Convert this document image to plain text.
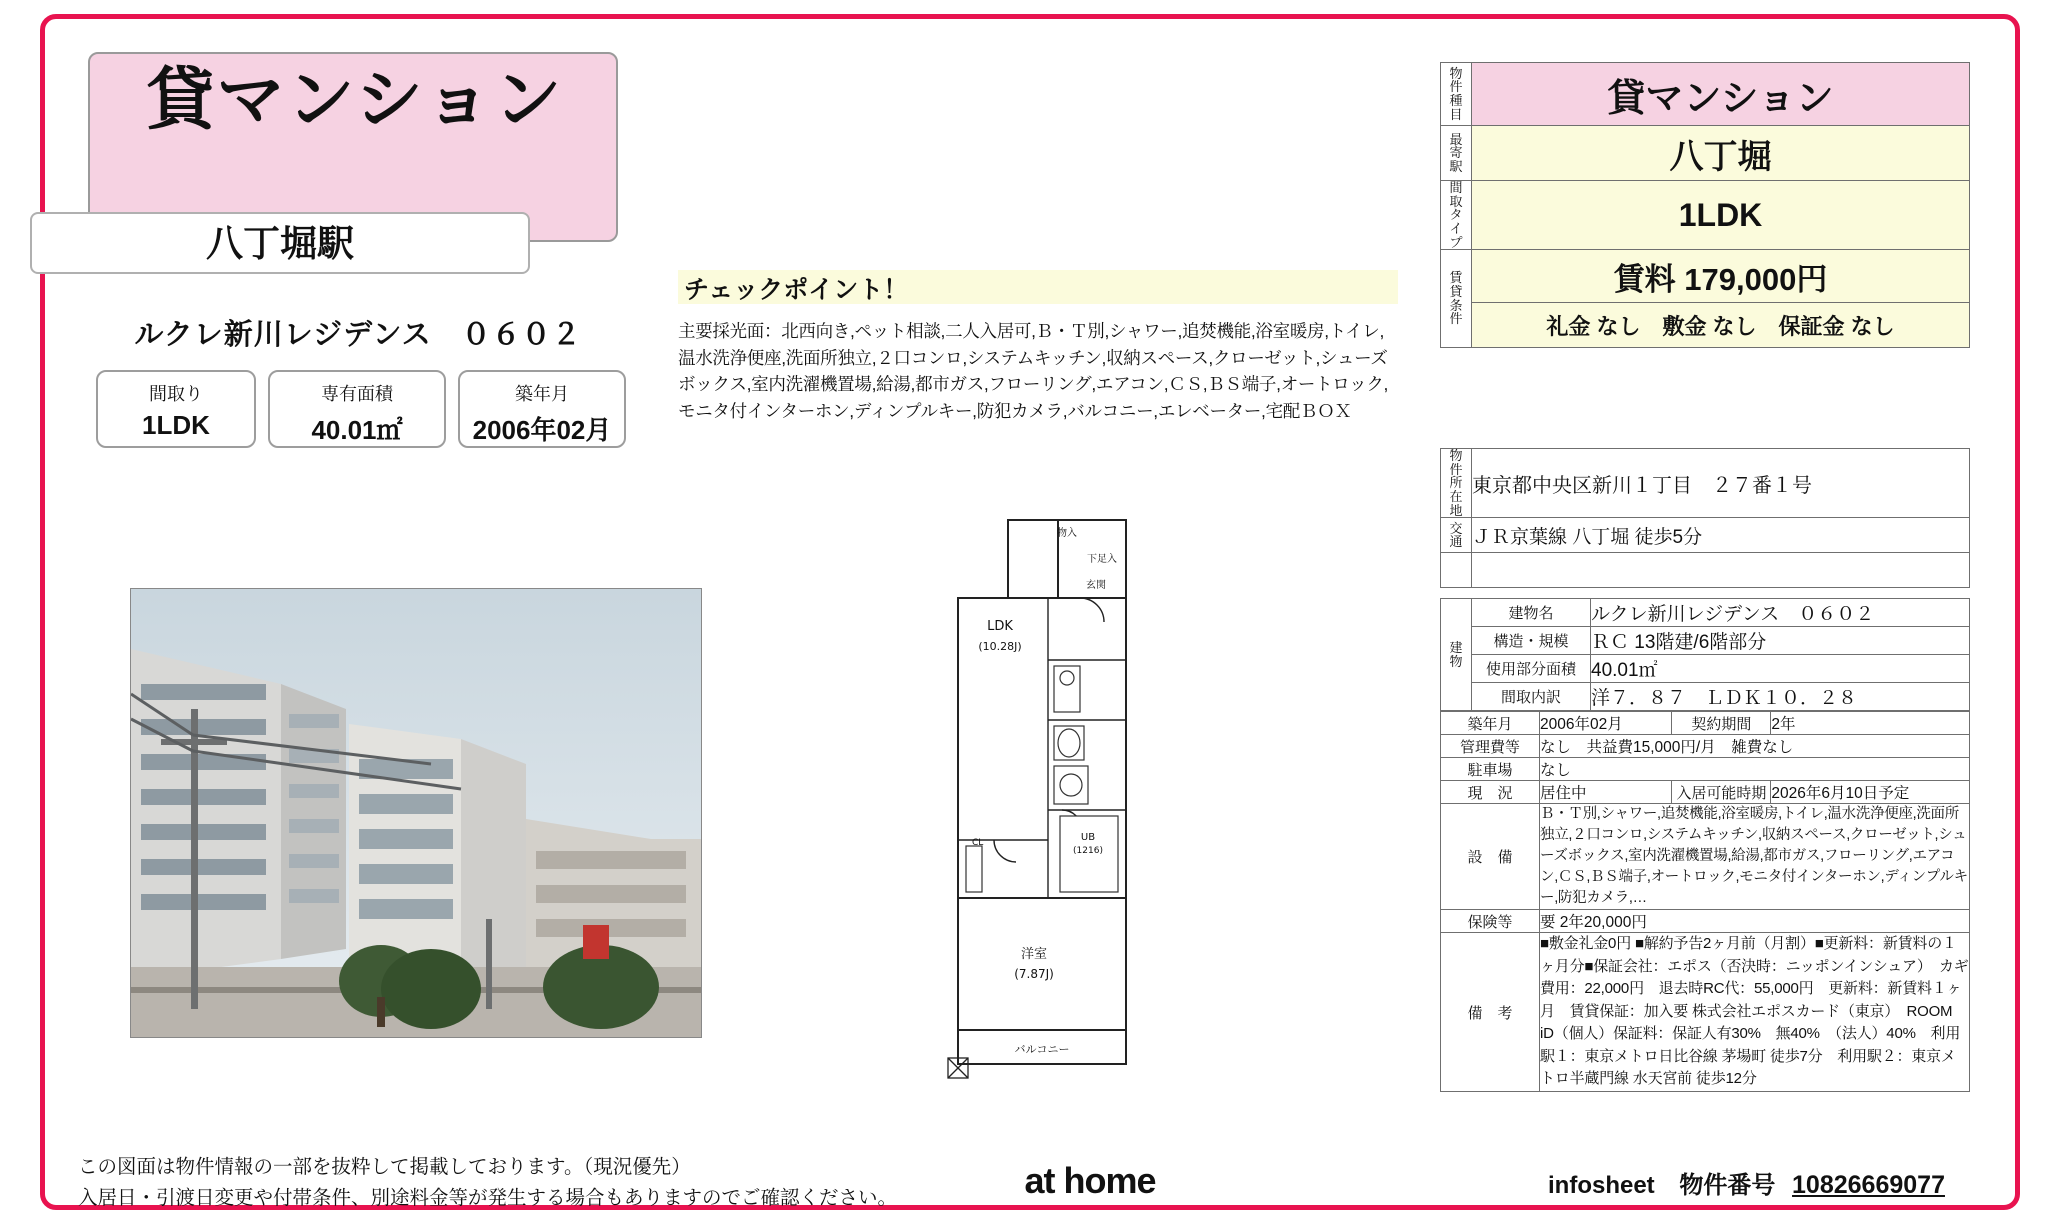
貸マンション
八丁堀駅
ルクレ新川レジデンス　０６０２
間取り
1LDK
専有面積
40.01㎡
築年月
2006年02月
チェックポイント！
主要採光面：北西向き,ペット相談,二人入居可,Ｂ・Ｔ別,シャワー,追焚機能,浴室暖房,トイレ,温水洗浄便座,洗面所独立,２口コンロ,システムキッチン,収納スペース,クローゼット,シューズボックス,室内洗濯機置場,給湯,都市ガス,フローリング,エアコン,ＣＳ,ＢＳ端子,オートロック,モニタ付インターホン,ディンプルキー,防犯カメラ,バルコニー,エレベーター,宅配ＢＯＸ
物入
下足入
玄関
LDK
(10.28J)
CL	UB
(1216)
洋室
(7.87J)
バルコニー
物
件
種
目	貸マンション

最
寄
駅	八丁堀

間
取
タ
イ
プ	1LDK

賃
貸
条
件	賃料 179,000円
	礼金 なし　敷金 なし　保証金 なし
物
件
所
在
地	東京都中央区新川１丁目　２７番１号

交
通	ＪＲ京葉線 八丁堀 徒歩5分

建
物	建物名	ルクレ新川レジデンス　０６０２
	構造・規模	ＲＣ 13階建/6階部分
	使用部分面積	40.01㎡
	間取内訳	洋７．８７　ＬＤＫ１０．２８
築年月	2006年02月	契約期間	2年
管理費等	なし　共益費15,000円/月　雑費なし		
駐車場	なし		
現　況	居住中	入居可能時期	2026年6月10日予定
設　備	Ｂ・Ｔ別,シャワー,追焚機能,浴室暖房,トイレ,温水洗浄便座,洗面所独立,２口コンロ,システムキッチン,収納スペース,クローゼット,シューズボックス,室内洗濯機置場,給湯,都市ガス,フローリング,エアコン,ＣＳ,ＢＳ端子,オートロック,モニタ付インターホン,ディンプルキー,防犯カメラ,…		
保険等	要 2年20,000円		
備　考	■敷金礼金0円 ■解約予告2ヶ月前（月割）■更新料：新賃料の１ヶ月分■保証会社：エポス（否決時：ニッポンインシュア）　カギ費用：22,000円　退去時RC代：55,000円　更新料：新賃料１ヶ月　賃貸保証：加入要 株式会社エポスカード（東京）　ROOM iD（個人）保証料：保証人有30%　無40%　（法人）40%　利用駅１：東京メトロ日比谷線 茅場町 徒歩7分　利用駅２：東京メトロ半蔵門線 水天宮前 徒歩12分		
この図面は物件情報の一部を抜粋して掲載しております。（現況優先）
入居日・引渡日変更や付帯条件、別途料金等が発生する場合もありますのでご確認ください。	at home	infosheet 物件番号 10826669077
